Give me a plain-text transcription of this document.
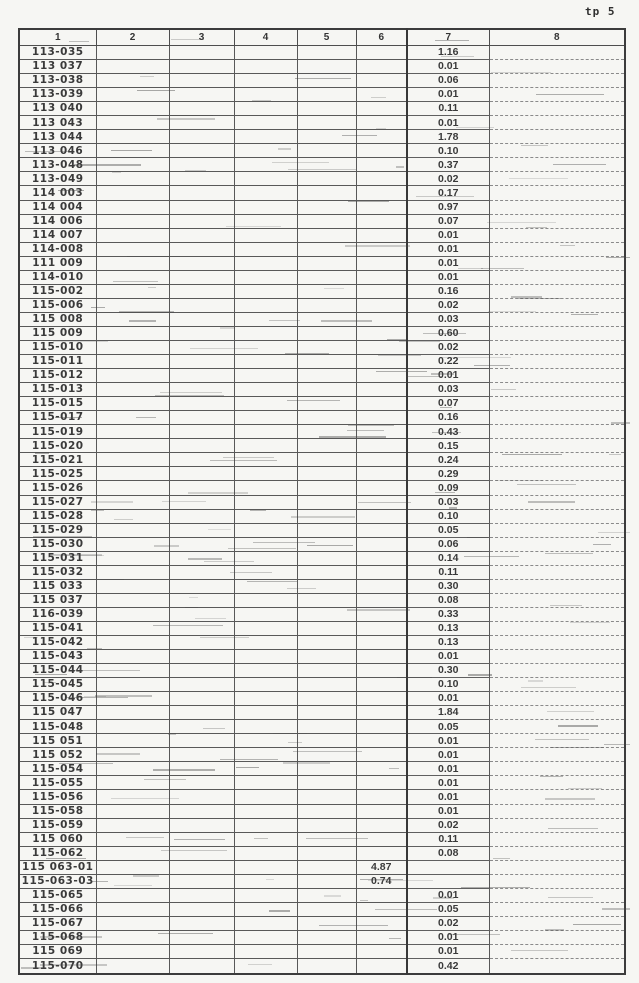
tp 5
1	2	3	4	5	6	7	8
113-035						1.16	
113 037						0.01	
113-038						0.06	
113-039						0.01	
113 040						0.11	
113 043						0.01	
113 044						1.78	
113 046						0.10	
113-048						0.37	
113-049						0.02	
114 003						0.17	
114 004						0.97	
114 006						0.07	
114 007						0.01	
114-008						0.01	
111 009						0.01	
114-010						0.01	
115-002						0.16	
115-006						0.02	
115 008						0.03	
115 009						0.60	
115-010						0.02	
115-011						0.22	
115-012						0.01	
115-013						0.03	
115-015						0.07	
115-017						0.16	
115-019						0.43	
115-020						0.15	
115-021						0.24	
115-025						0.29	
115-026						0.09	
115-027						0.03	
115-028						0.10	
115-029						0.05	
115-030						0.06	
115-031						0.14	
115-032						0.11	
115 033						0.30	
115 037						0.08	
116-039						0.33	
115-041						0.13	
115-042						0.13	
115-043						0.01	
115-044						0.30	
115-045						0.10	
115-046						0.01	
115 047						1.84	
115-048						0.05	
115 051						0.01	
115 052						0.01	
115-054						0.01	
115-055						0.01	
115-056						0.01	
115-058						0.01	
115-059						0.02	
115 060						0.11	
115-062						0.08	
115 063-01					4.87		
115-063-03					0.74		
115-065						0.01	
115-066						0.05	
115-067						0.02	
115-068						0.01	
115 069						0.01	
115-070						0.42	
